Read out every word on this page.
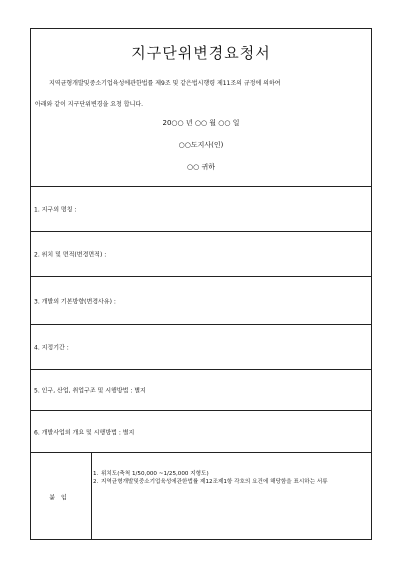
지구단위변경요청서
지역균형개발및중소기업육성에관한법률 제9조 및 같은법시행령 제11조의 규정에 의하여
아래와 같이 지구단위변경을 요청 합니다.
20○○ 년 ○○ 월 ○○ 일
○○도지사(인)
○○ 귀하
1. 지구의 명칭 :
2. 위치 및 면적(변경면적) :
3. 개발의 기본방향(변경사유) :
4. 지정기간 :
5. 인구, 산업, 취업구조 및 시행방법 : 별지
6. 개발사업의 개요 및 시행방법 : 별지
붙임
1. 위치도(축척 1/50,000 ~1/25,000 지형도)
2. 지역균형개발및중소기업육성에관한법률 제12조제1항 각호의 요건에 해당함을 표시하는 서류
